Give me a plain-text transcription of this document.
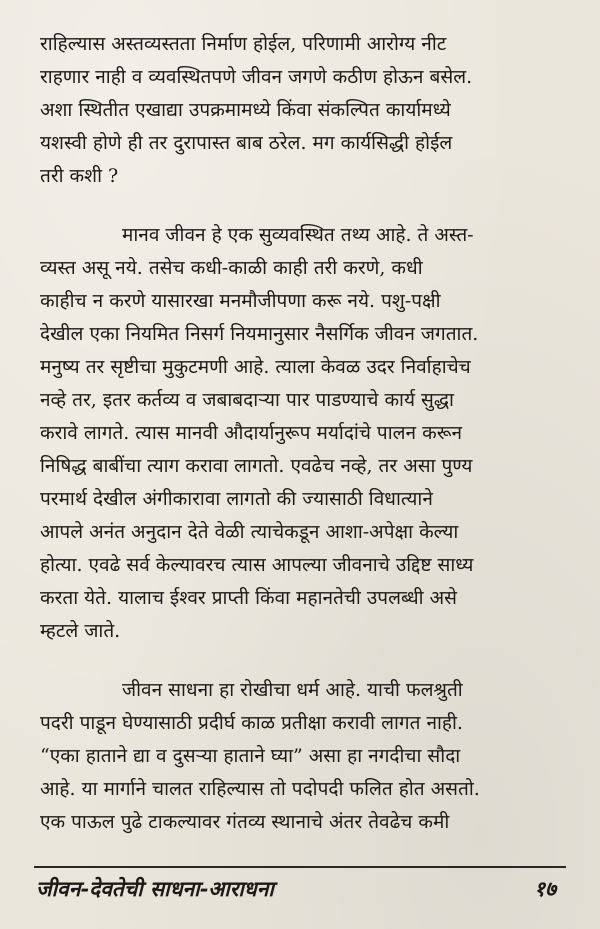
राहिल्यास अस्तव्यस्तता निर्माण होईल, परिणामी आरोग्य नीट
राहणार नाही व व्यवस्थितपणे जीवन जगणे कठीण होऊन बसेल.
अशा स्थितीत एखाद्या उपक्रमामध्ये किंवा संकल्पित कार्यामध्ये
यशस्वी होणे ही तर दुरापास्त बाब ठरेल. मग कार्यसिद्धी होईल
तरी कशी ?
मानव जीवन हे एक सुव्यवस्थित तथ्य आहे. ते अस्त-
व्यस्त असू नये. तसेच कधी-काळी काही तरी करणे, कधी
काहीच न करणे यासारखा मनमौजीपणा करू नये. पशु-पक्षी
देखील एका नियमित निसर्ग नियमानुसार नैसर्गिक जीवन जगतात.
मनुष्य तर सृष्टीचा मुकुटमणी आहे. त्याला केवळ उदर निर्वाहाचेच
नव्हे तर, इतर कर्तव्य व जबाबदाऱ्या पार पाडण्याचे कार्य सुद्धा
करावे लागते. त्यास मानवी औदार्यानुरूप मर्यादांचे पालन करून
निषिद्ध बाबींचा त्याग करावा लागतो. एवढेच नव्हे, तर असा पुण्य
परमार्थ देखील अंगीकारावा लागतो की ज्यासाठी विधात्याने
आपले अनंत अनुदान देते वेळी त्याचेकडून आशा-अपेक्षा केल्या
होत्या. एवढे सर्व केल्यावरच त्यास आपल्या जीवनाचे उद्दिष्ट साध्य
करता येते. यालाच ईश्वर प्राप्ती किंवा महानतेची उपलब्धी असे
म्हटले जाते.
जीवन साधना हा रोखीचा धर्म आहे. याची फलश्रुती
पदरी पाडून घेण्यासाठी प्रदीर्घ काळ प्रतीक्षा करावी लागत नाही.
“एका हाताने द्या व दुसऱ्या हाताने घ्या” असा हा नगदीचा सौदा
आहे. या मार्गाने चालत राहिल्यास तो पदोपदी फलित होत असतो.
एक पाऊल पुढे टाकल्यावर गंतव्य स्थानाचे अंतर तेवढेच कमी
जीवन-देवतेची साधना-आराधना	१७
